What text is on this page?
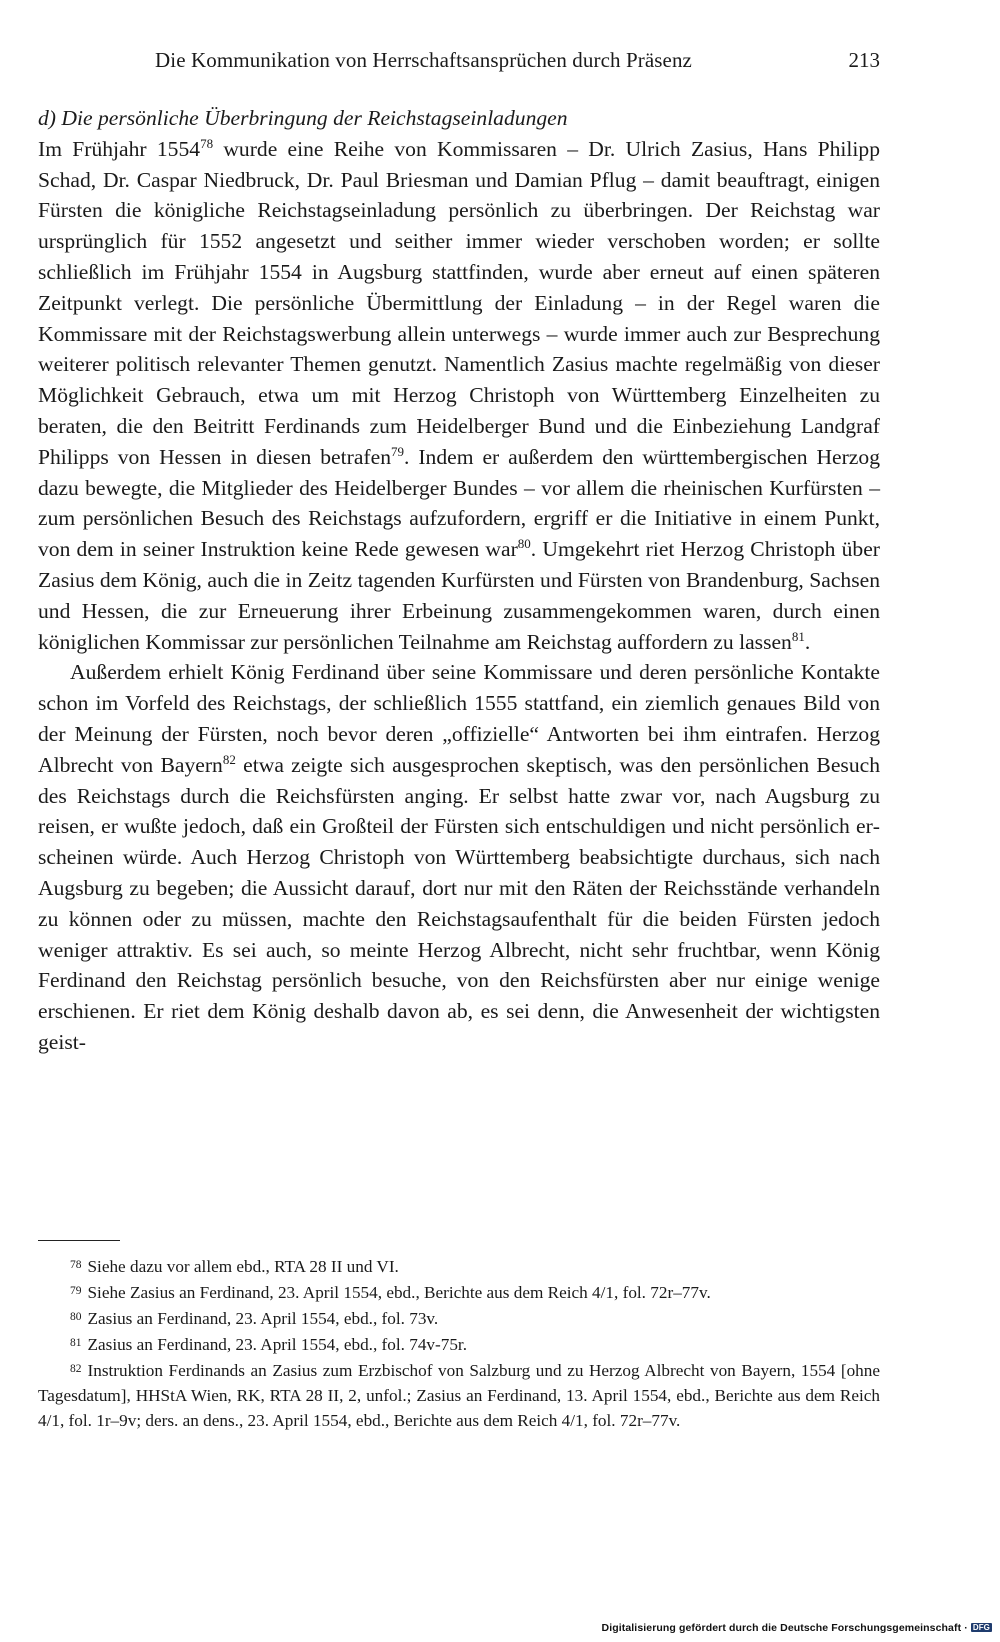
Die Kommunikation von Herrschaftsansprüchen durch Präsenz	213

d) Die persönliche Überbringung der Reichstagseinladungen

Im Frühjahr 1554$^{78}$ wurde eine Reihe von Kommissaren – Dr. Ulrich Zasius, Hans Philipp Schad, Dr. Caspar Niedbruck, Dr. Paul Briesman und Damian Pflug – damit beauftragt, einigen Fürsten die königliche Reichstagseinladung persönlich zu überbringen. Der Reichstag war ursprünglich für 1552 angesetzt und seither immer wieder verschoben worden; er sollte schließlich im Frühjahr 1554 in Augsburg stattfinden, wurde aber erneut auf einen späteren Zeitpunkt verlegt. Die persönliche Übermittlung der Einladung – in der Regel waren die Kommissare mit der Reichstagswerbung allein unterwegs – wurde immer auch zur Besprechung weiterer politisch relevanter Themen genutzt. Namentlich Zasius machte regelmäßig von dieser Möglichkeit Gebrauch, etwa um mit Herzog Christoph von Württemberg Einzelheiten zu beraten, die den Beitritt Ferdinands zum Heidelberger Bund und die Einbeziehung Landgraf Philipps von Hessen in diesen betrafen$^{79}$. Indem er außerdem den württembergischen Herzog dazu bewegte, die Mitglieder des Heidelberger Bundes – vor allem die rheinischen Kurfürsten – zum persönlichen Besuch des Reichstags aufzufordern, ergriff er die Initiative in einem Punkt, von dem in seiner Instruktion keine Rede gewesen war$^{80}$. Umgekehrt riet Herzog Christoph über Zasius dem König, auch die in Zeitz tagenden Kurfürsten und Fürsten von Brandenburg, Sachsen und Hessen, die zur Erneuerung ihrer Erbeinung zusammengekommen waren, durch einen königlichen Kommissar zur persönlichen Teilnahme am Reichstag auffordern zu lassen$^{81}$.

Außerdem erhielt König Ferdinand über seine Kommissare und deren persönliche Kontakte schon im Vorfeld des Reichstags, der schließlich 1555 stattfand, ein ziemlich genaues Bild von der Meinung der Fürsten, noch bevor deren „offizielle“ Antworten bei ihm eintrafen. Herzog Albrecht von Bayern$^{82}$ etwa zeigte sich ausgesprochen skeptisch, was den persönlichen Besuch des Reichstags durch die Reichsfürsten anging. Er selbst hatte zwar vor, nach Augsburg zu reisen, er wußte jedoch, daß ein Großteil der Fürsten sich entschuldigen und nicht persönlich erscheinen würde. Auch Herzog Christoph von Württemberg beabsichtigte durchaus, sich nach Augsburg zu begeben; die Aussicht darauf, dort nur mit den Räten der Reichsstände verhandeln zu können oder zu müssen, machte den Reichstagsaufenthalt für die beiden Fürsten jedoch weniger attraktiv. Es sei auch, so meinte Herzog Albrecht, nicht sehr fruchtbar, wenn König Ferdinand den Reichstag persönlich besuche, von den Reichsfürsten aber nur einige wenige erschienen. Er riet dem König deshalb davon ab, es sei denn, die Anwesenheit der wichtigsten geist-

$^{78}$ Siehe dazu vor allem ebd., RTA 28 II und VI.

$^{79}$ Siehe Zasius an Ferdinand, 23. April 1554, ebd., Berichte aus dem Reich 4/1, fol. 72r–77v.

$^{80}$ Zasius an Ferdinand, 23. April 1554, ebd., fol. 73v.

$^{81}$ Zasius an Ferdinand, 23. April 1554, ebd., fol. 74v-75r.

$^{82}$ Instruktion Ferdinands an Zasius zum Erzbischof von Salzburg und zu Herzog Albrecht von Bayern, 1554 [ohne Tagesdatum], HHStA Wien, RK, RTA 28 II, 2, unfol.; Zasius an Ferdinand, 13. April 1554, ebd., Berichte aus dem Reich 4/1, fol. 1r–9v; ders. an dens., 23. April 1554, ebd., Berichte aus dem Reich 4/1, fol. 72r–77v.

Digitalisierung gefördert durch die Deutsche Forschungsgemeinschaft · DFG
